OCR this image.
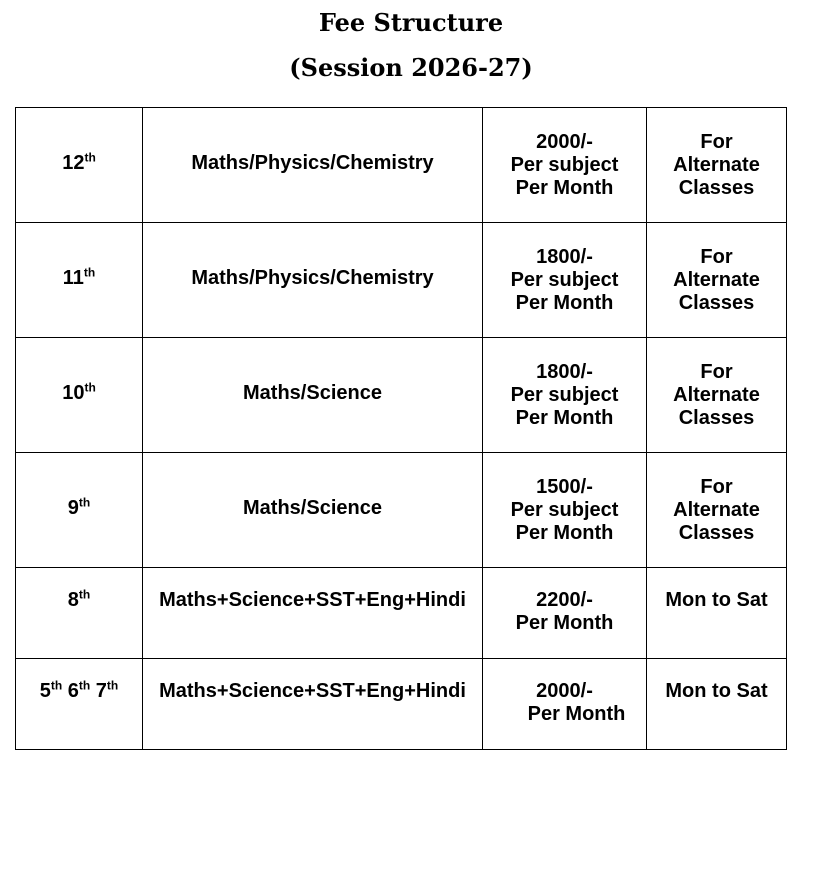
Fee Structure
(Session 2026-27)
12th	Maths/Physics/Chemistry	2000/-
Per subject
Per Month	For
Alternate
Classes

11th	Maths/Physics/Chemistry	1800/-
Per subject
Per Month	For
Alternate
Classes

10th	Maths/Science	1800/-
Per subject
Per Month	For
Alternate
Classes

9th	Maths/Science	1500/-
Per subject
Per Month	For
Alternate
Classes

8th	Maths+Science+SST+Eng+Hindi	2200/-
Per Month	Mon to Sat

5th 6th 7th	Maths+Science+SST+Eng+Hindi	2000/-
Per Month	Mon to Sat
